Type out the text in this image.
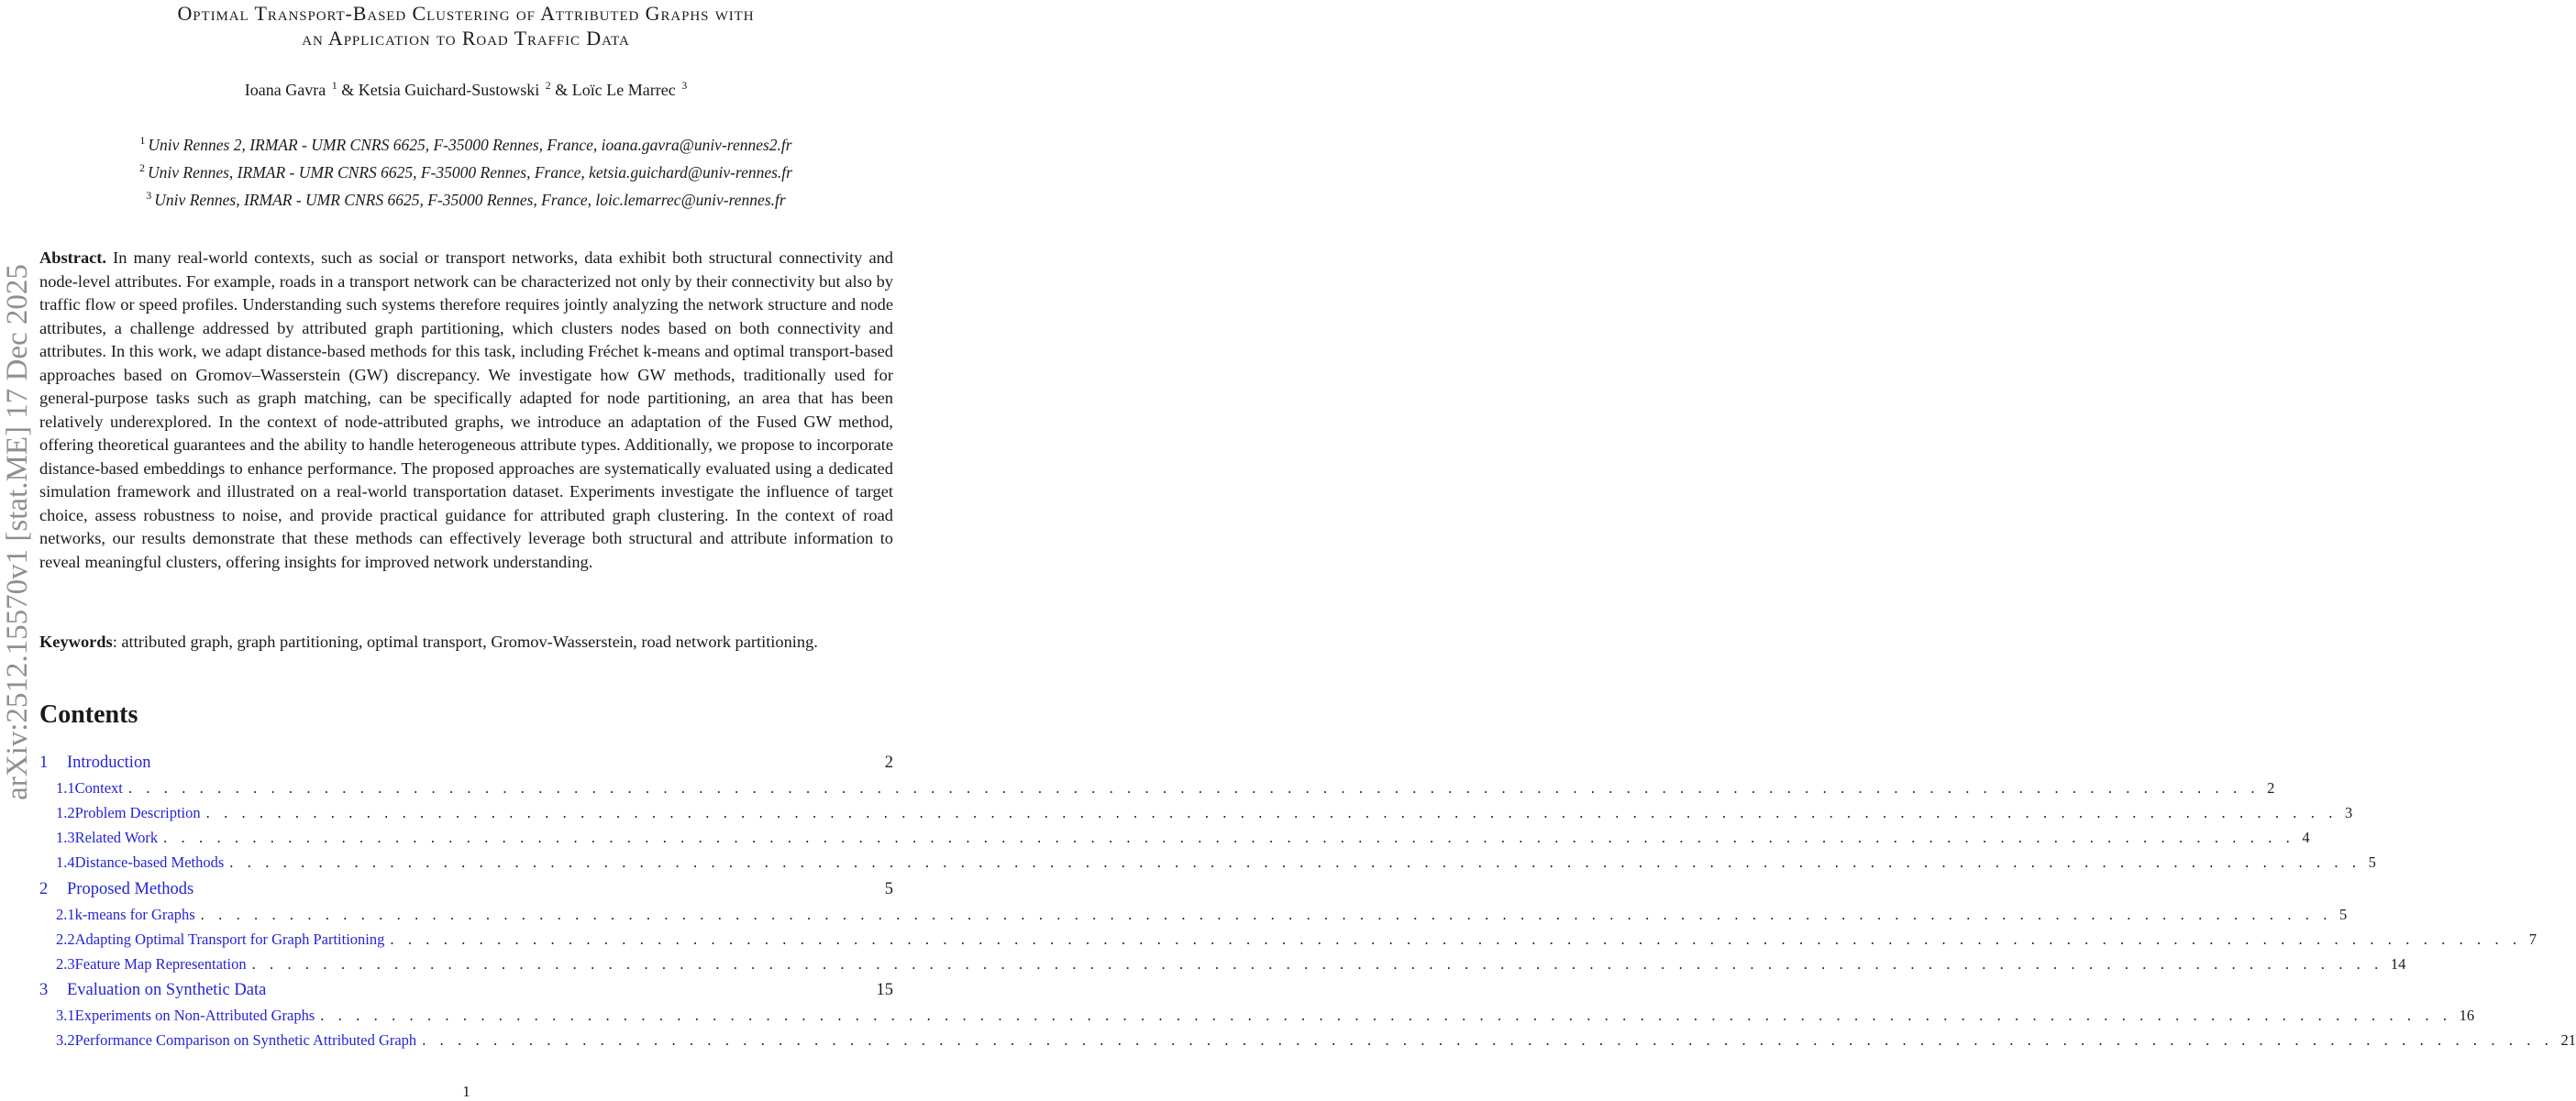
arXiv:2512.15570v1 [stat.ME] 17 Dec 2025
Optimal Transport-Based Clustering of Attributed Graphs with
an Application to Road Traffic Data
Ioana Gavra $^1$ & Ketsia Guichard-Sustowski $^2$ & Loïc Le Marrec $^3$
$^1$ Univ Rennes 2, IRMAR - UMR CNRS 6625, F-35000 Rennes, France, ioana.gavra@univ-rennes2.fr
$^2$ Univ Rennes, IRMAR - UMR CNRS 6625, F-35000 Rennes, France, ketsia.guichard@univ-rennes.fr
$^3$ Univ Rennes, IRMAR - UMR CNRS 6625, F-35000 Rennes, France, loic.lemarrec@univ-rennes.fr

Abstract. In many real-world contexts, such as social or transport networks, data exhibit both structural connectivity and node-level attributes. For example, roads in a transport network can be characterized not only by their connectivity but also by traffic flow or speed profiles. Understanding such systems therefore requires jointly analyzing the network structure and node attributes, a challenge addressed by attributed graph partitioning, which clusters nodes based on both connectivity and attributes. In this work, we adapt distance-based methods for this task, including Fréchet k-means and optimal transport-based approaches based on Gromov–Wasserstein (GW) discrepancy. We investigate how GW methods, traditionally used for general-purpose tasks such as graph matching, can be specifically adapted for node partitioning, an area that has been relatively underexplored. In the context of node-attributed graphs, we introduce an adaptation of the Fused GW method, offering theoretical guarantees and the ability to handle heterogeneous attribute types. Additionally, we propose to incorporate distance-based embeddings to enhance performance. The proposed approaches are systematically evaluated using a dedicated simulation framework and illustrated on a real-world transportation dataset. Experiments investigate the influence of target choice, assess robustness to noise, and provide practical guidance for attributed graph clustering. In the context of road networks, our results demonstrate that these methods can effectively leverage both structural and attribute information to reveal meaningful clusters, offering insights for improved network understanding.

Keywords: attributed graph, graph partitioning, optimal transport, Gromov-Wasserstein, road network partitioning.

Contents
1	Introduction	2
1.1 Context . . . . . . . . . . . . . . . . . . . . . . . . . . . . . . . . . . . . . . . . . . . . . . . . . . . . . . . . . . . . . . . . . . . . . . . . . . . . . . . . . . . . . . . . . . . . . . . . . . . . . . . . . . . . . . . . . . . . . . . . 2
1.2 Problem Description . . . . . . . . . . . . . . . . . . . . . . . . . . . . . . . . . . . . . . . . . . . . . . . . . . . . . . . . . . . . . . . . . . . . . . . . . . . . . . . . . . . . . . . . . . . . . . . . . . . . . . . . . . . . . . . . . . . . . . . . 3
1.3 Related Work . . . . . . . . . . . . . . . . . . . . . . . . . . . . . . . . . . . . . . . . . . . . . . . . . . . . . . . . . . . . . . . . . . . . . . . . . . . . . . . . . . . . . . . . . . . . . . . . . . . . . . . . . . . . . . . . . . . . . . . . 4
1.4 Distance-based Methods . . . . . . . . . . . . . . . . . . . . . . . . . . . . . . . . . . . . . . . . . . . . . . . . . . . . . . . . . . . . . . . . . . . . . . . . . . . . . . . . . . . . . . . . . . . . . . . . . . . . . . . . . . . . . . . . . . . . . . . . 5
2	Proposed Methods	5
2.1 k-means for Graphs . . . . . . . . . . . . . . . . . . . . . . . . . . . . . . . . . . . . . . . . . . . . . . . . . . . . . . . . . . . . . . . . . . . . . . . . . . . . . . . . . . . . . . . . . . . . . . . . . . . . . . . . . . . . . . . . . . . . . . . . 5
2.2 Adapting Optimal Transport for Graph Partitioning . . . . . . . . . . . . . . . . . . . . . . . . . . . . . . . . . . . . . . . . . . . . . . . . . . . . . . . . . . . . . . . . . . . . . . . . . . . . . . . . . . . . . . . . . . . . . . . . . . . . . . . . . . . . . . . . . . . . . . . . 7
2.3 Feature Map Representation . . . . . . . . . . . . . . . . . . . . . . . . . . . . . . . . . . . . . . . . . . . . . . . . . . . . . . . . . . . . . . . . . . . . . . . . . . . . . . . . . . . . . . . . . . . . . . . . . . . . . . . . . . . . . . . . . . . . . . . . 14
3	Evaluation on Synthetic Data	15
3.1 Experiments on Non-Attributed Graphs . . . . . . . . . . . . . . . . . . . . . . . . . . . . . . . . . . . . . . . . . . . . . . . . . . . . . . . . . . . . . . . . . . . . . . . . . . . . . . . . . . . . . . . . . . . . . . . . . . . . . . . . . . . . . . . . . . . . . . . . 16
3.2 Performance Comparison on Synthetic Attributed Graph . . . . . . . . . . . . . . . . . . . . . . . . . . . . . . . . . . . . . . . . . . . . . . . . . . . . . . . . . . . . . . . . . . . . . . . . . . . . . . . . . . . . . . . . . . . . . . . . . . . . . . . . . . . . . . . . . . . . . . . . 21
1
